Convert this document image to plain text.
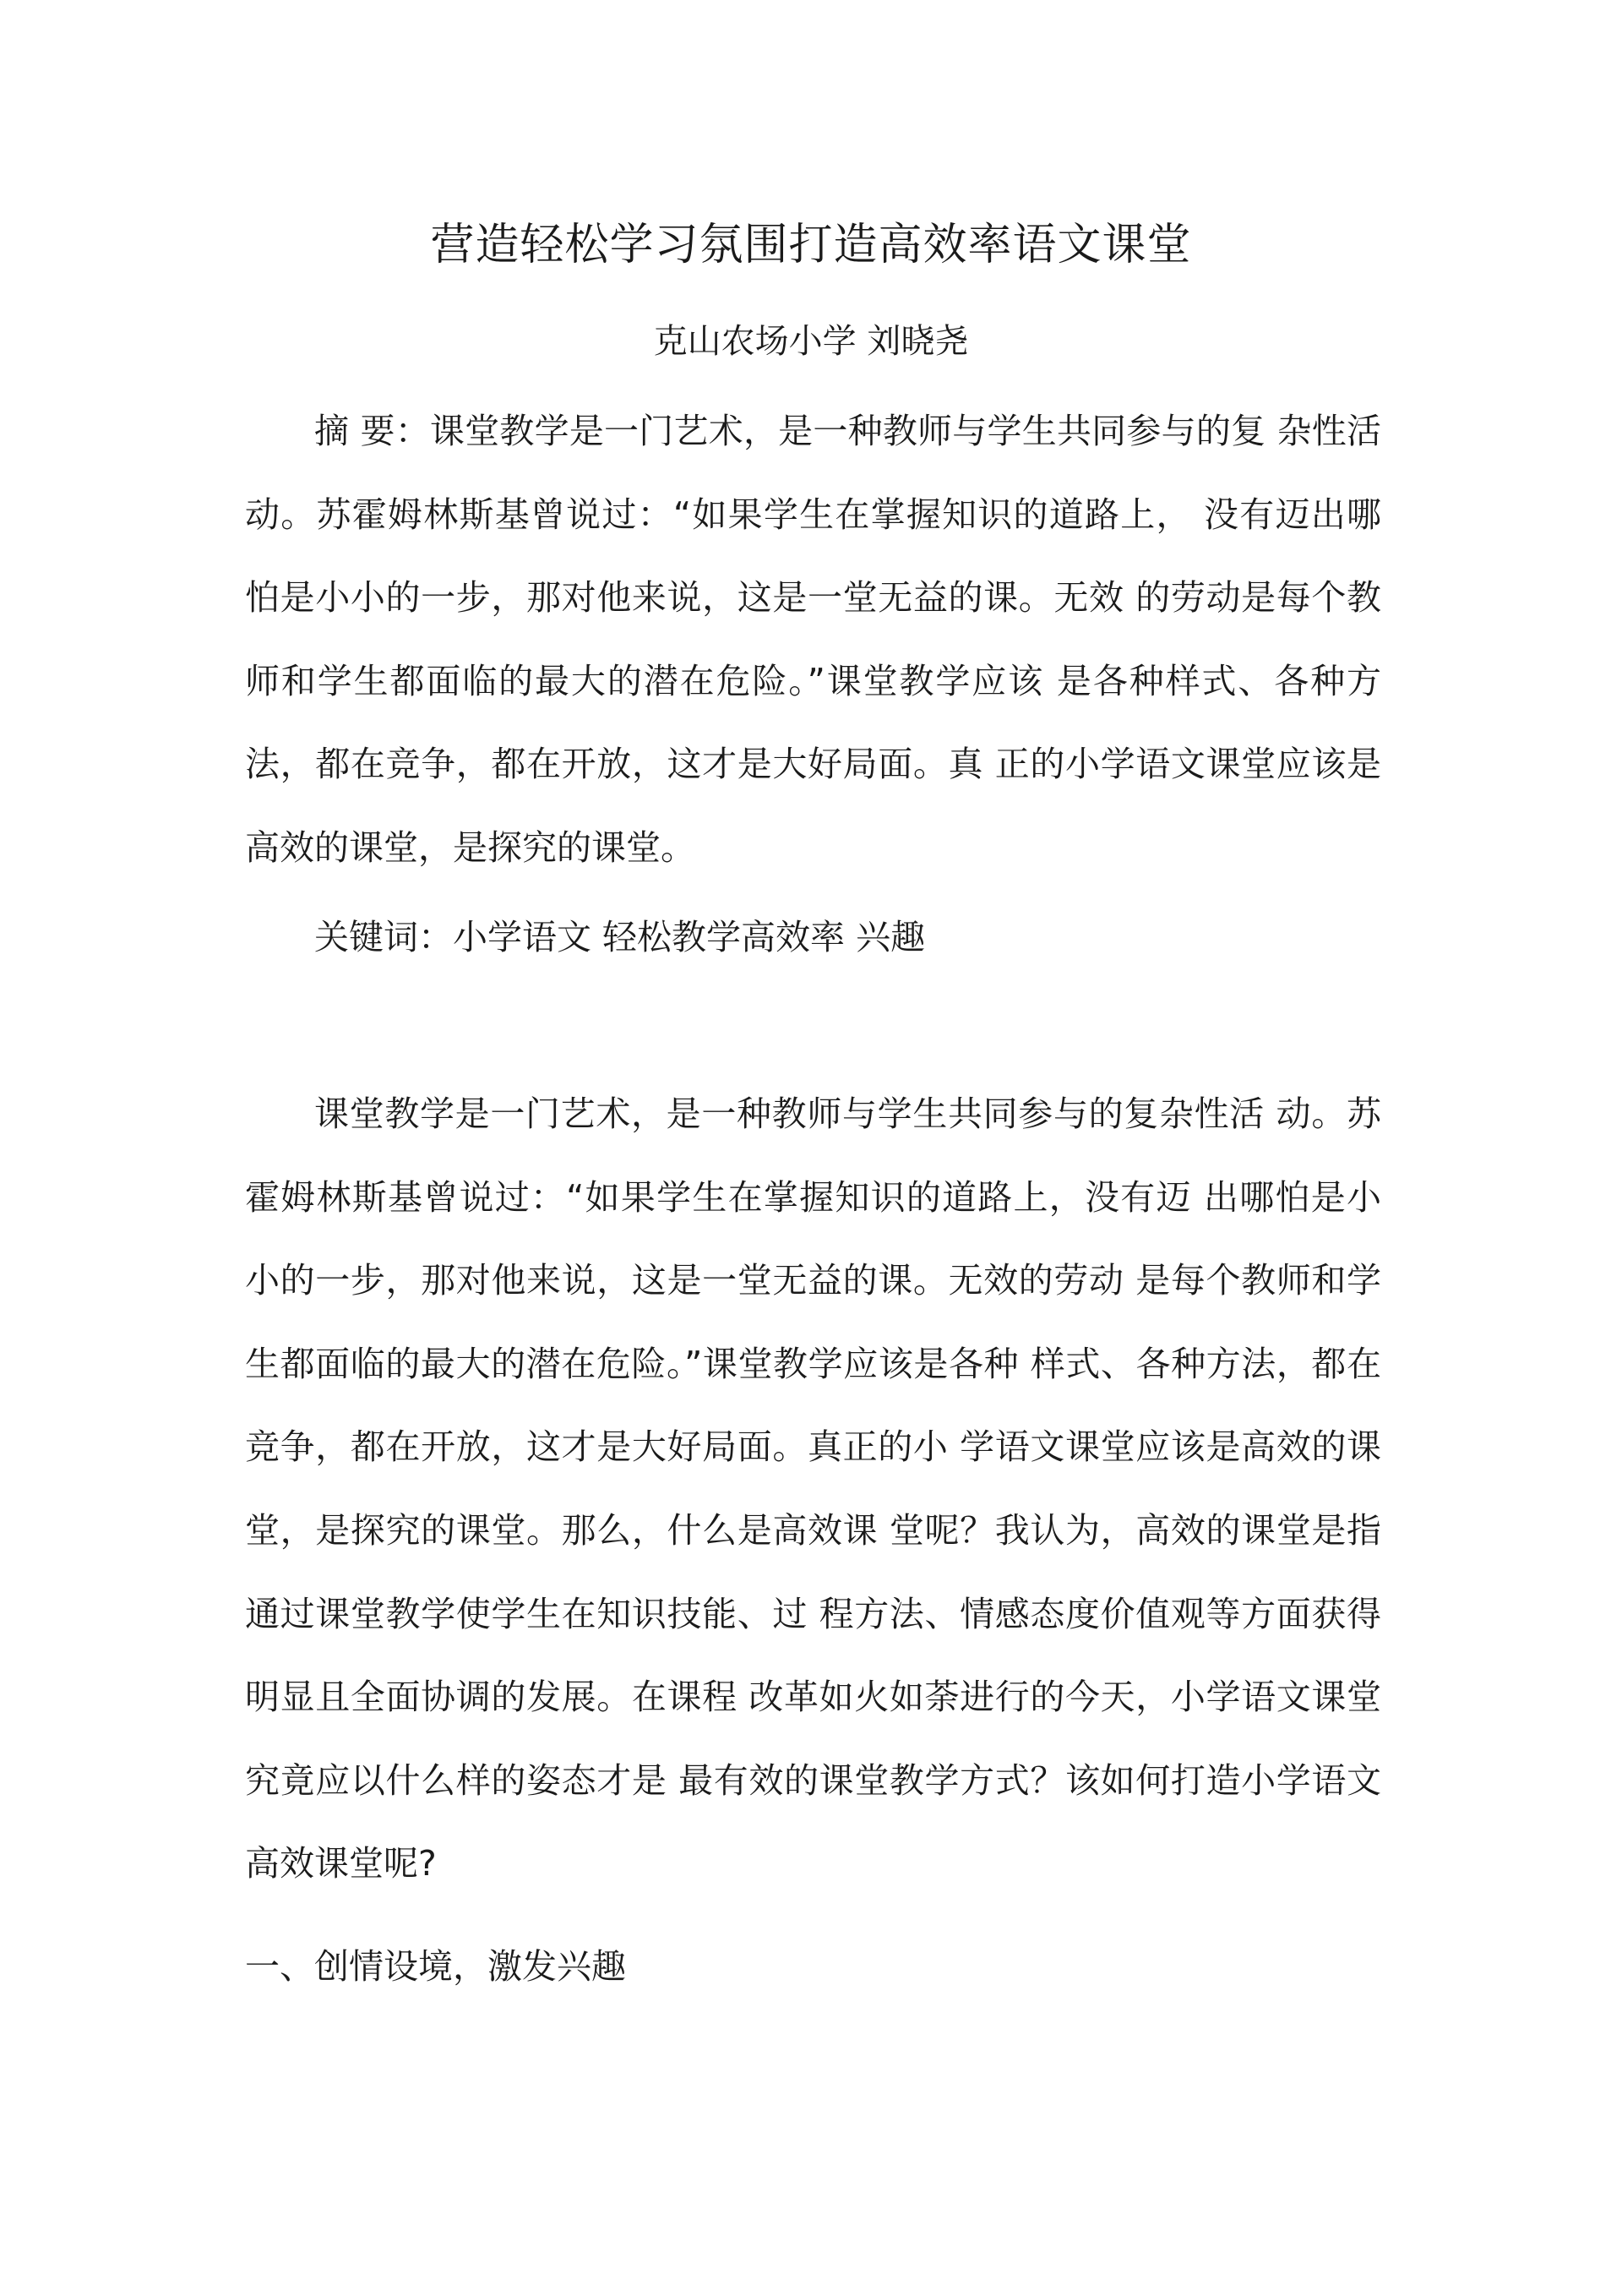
营造轻松学习氛围打造高效率语文课堂
克山农场小学 刘晓尧

摘 要：课堂教学是一门艺术，是一种教师与学生共同参与的复 杂性活动。苏霍姆林斯基曾说过：“如果学生在掌握知识的道路上， 没有迈出哪怕是小小的一步，那对他来说，这是一堂无益的课。无效 的劳动是每个教师和学生都面临的最大的潜在危险。”课堂教学应该 是各种样式、各种方法，都在竞争，都在开放，这才是大好局面。真 正的小学语文课堂应该是高效的课堂，是探究的课堂。

关键词：小学语文 轻松教学高效率 兴趣

课堂教学是一门艺术，是一种教师与学生共同参与的复杂性活 动。苏霍姆林斯基曾说过：“如果学生在掌握知识的道路上，没有迈 出哪怕是小小的一步，那对他来说，这是一堂无益的课。无效的劳动 是每个教师和学生都面临的最大的潜在危险。”课堂教学应该是各种 样式、各种方法，都在竞争，都在开放，这才是大好局面。真正的小 学语文课堂应该是高效的课堂，是探究的课堂。那么，什么是高效课 堂呢？我认为，高效的课堂是指通过课堂教学使学生在知识技能、过 程方法、情感态度价值观等方面获得明显且全面协调的发展。在课程 改革如火如荼进行的今天，小学语文课堂究竟应以什么样的姿态才是 最有效的课堂教学方式？该如何打造小学语文高效课堂呢?

一、创情设境，激发兴趣
